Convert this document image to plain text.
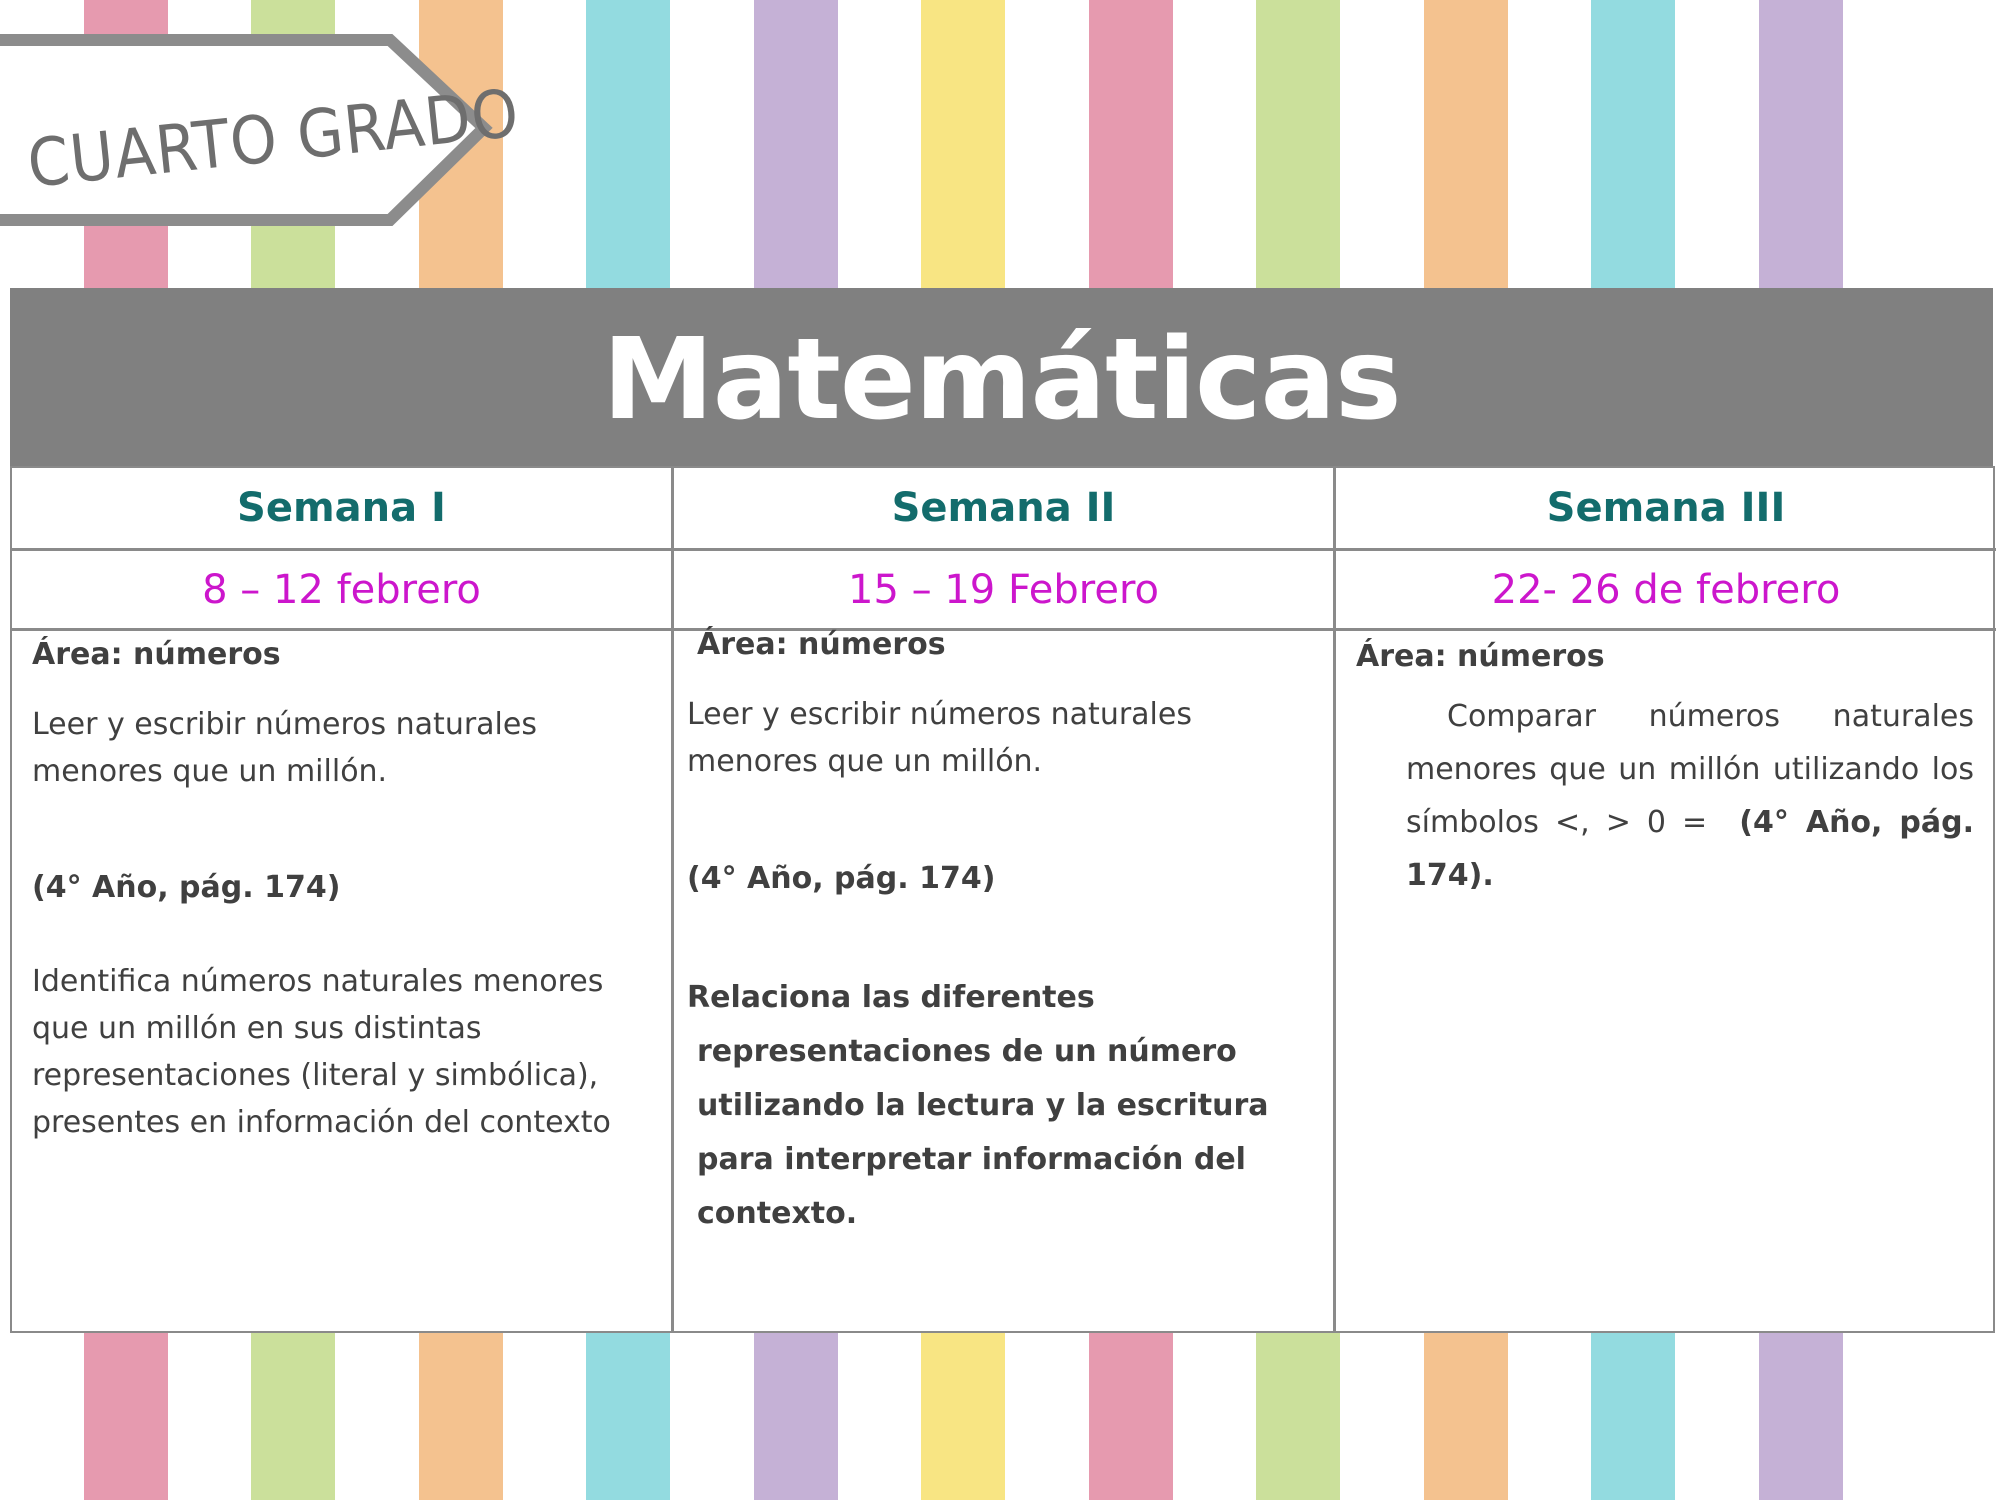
CUARTO GRADO
Matemáticas
Semana I
8 – 12 febrero

Área: números

Leer y escribir números naturales menores que un millón.

(4° Año, pág. 174)

Identifica números naturales menores que un millón en sus distintas representaciones (literal y simbólica), presentes en información del contexto

Semana II
15 – 19 Febrero

Área: números

Leer y escribir números naturales menores que un millón.

(4° Año, pág. 174)

Relaciona las diferentes representaciones de un número utilizando la lectura y la escritura para interpretar información del contexto.

Semana III
22- 26 de febrero

Área: números

Comparar números naturales menores que un millón utilizando los símbolos <, > 0 = (4° Año, pág. 174).
